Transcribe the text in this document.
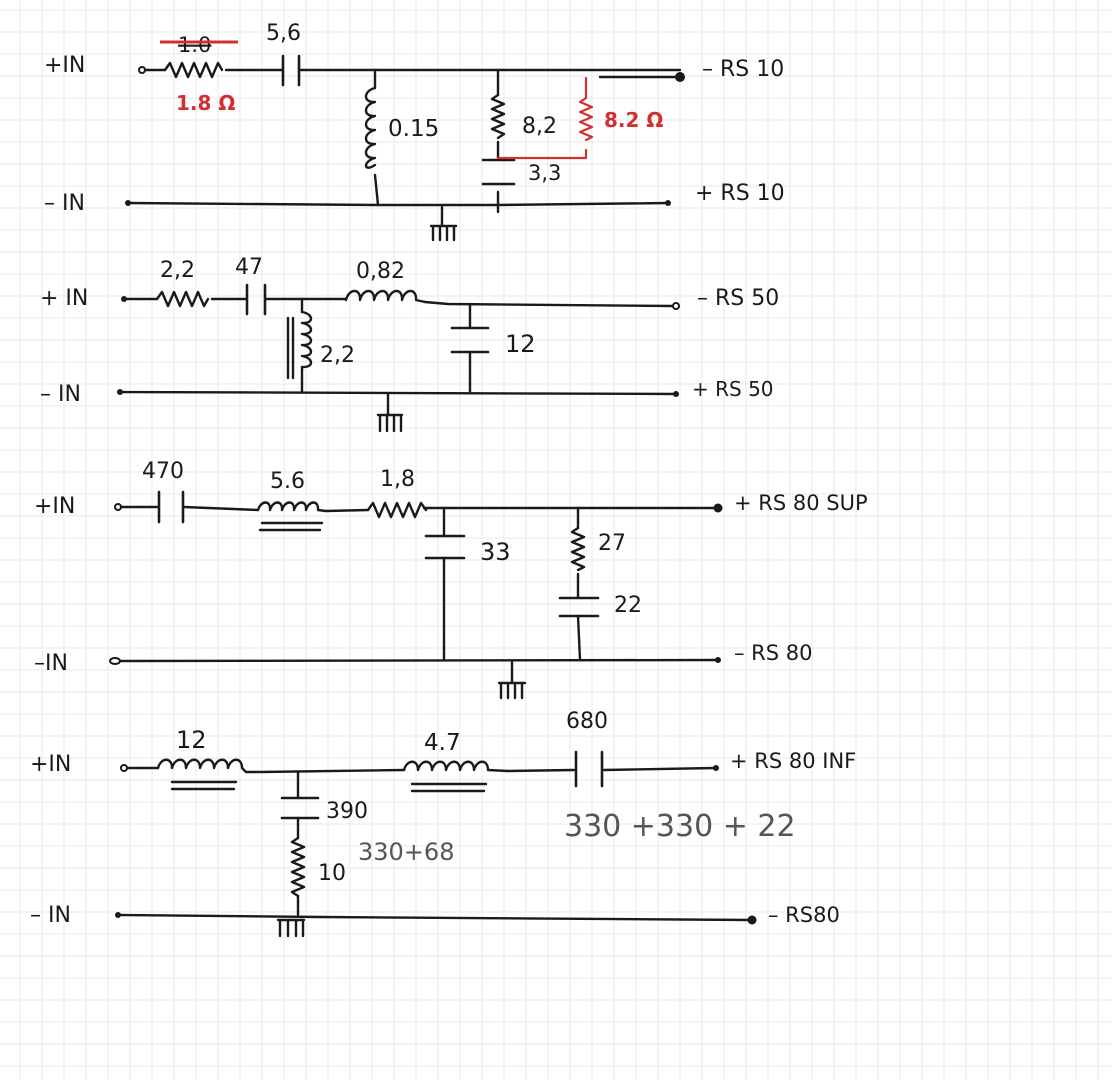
+IN
– IN
1.0
1.8 Ω
5,6
– RS 10
0.15	8,2
3,3
8.2 Ω
+ RS 10
+ IN
– IN
2,2 47	0,82
– RS 50
2,2	12
+ RS 50
+IN
–IN
470	5.6	1,8
+ RS 80 SUP
33	27
22
– RS 80
+IN
– IN
12	4.7
680
+ RS 80 INF
330 +330 + 22
390
330+68
10
– RS80
